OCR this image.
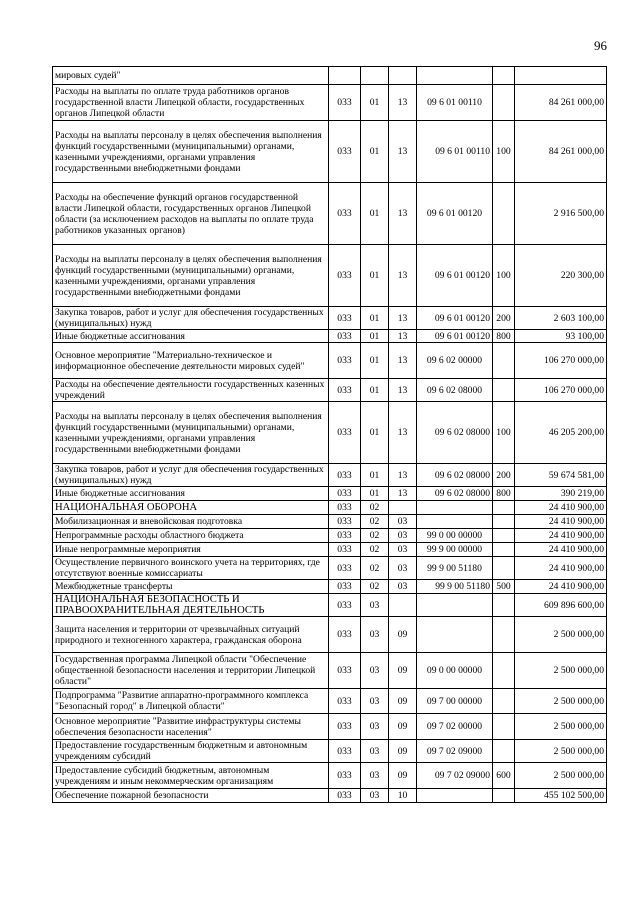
96
мировых судей"						
Расходы на выплаты по оплате труда работников органов государственной власти Липецкой области, государственных органов Липецкой области	033	01	13	09 6 01 00110		84 261 000,00
Расходы на выплаты персоналу в целях обеспечения выполнения функций государственными (муниципальными) органами, казенными учреждениями, органами управления государственными внебюджетными фондами	033	01	13	09 6 01 00110	100	84 261 000,00
Расходы на обеспечение функций органов государственной власти Липецкой области, государственных органов Липецкой области (за исключением расходов на выплаты по оплате труда работников указанных органов)	033	01	13	09 6 01 00120		2 916 500,00
Расходы на выплаты персоналу в целях обеспечения выполнения функций государственными (муниципальными) органами, казенными учреждениями, органами управления государственными внебюджетными фондами	033	01	13	09 6 01 00120	100	220 300,00
Закупка товаров, работ и услуг для обеспечения государственных (муниципальных) нужд	033	01	13	09 6 01 00120	200	2 603 100,00
Иные бюджетные ассигнования	033	01	13	09 6 01 00120	800	93 100,00
Основное мероприятие "Материально-техническое и информационное обеспечение деятельности мировых судей"	033	01	13	09 6 02 00000		106 270 000,00
Расходы на обеспечение деятельности государственных казенных учреждений	033	01	13	09 6 02 08000		106 270 000,00
Расходы на выплаты персоналу в целях обеспечения выполнения функций государственными (муниципальными) органами, казенными учреждениями, органами управления государственными внебюджетными фондами	033	01	13	09 6 02 08000	100	46 205 200,00
Закупка товаров, работ и услуг для обеспечения государственных (муниципальных) нужд	033	01	13	09 6 02 08000	200	59 674 581,00
Иные бюджетные ассигнования	033	01	13	09 6 02 08000	800	390 219,00
НАЦИОНАЛЬНАЯ ОБОРОНА	033	02				24 410 900,00
Мобилизационная и вневойсковая подготовка	033	02	03			24 410 900,00
Непрограммные расходы областного бюджета	033	02	03	99 0 00 00000		24 410 900,00
Иные непрограммные мероприятия	033	02	03	99 9 00 00000		24 410 900,00
Осуществление первичного воинского учета на территориях, где отсутствуют военные комиссариаты	033	02	03	99 9 00 51180		24 410 900,00
Межбюджетные трансферты	033	02	03	99 9 00 51180	500	24 410 900,00
НАЦИОНАЛЬНАЯ БЕЗОПАСНОСТЬ И ПРАВООХРАНИТЕЛЬНАЯ ДЕЯТЕЛЬНОСТЬ	033	03				609 896 600,00
Защита населения и территории от чрезвычайных ситуаций природного и техногенного характера, гражданская оборона	033	03	09			2 500 000,00
Государственная программа Липецкой области "Обеспечение общественной безопасности населения и территории Липецкой области"	033	03	09	09 0 00 00000		2 500 000,00
Подпрограмма "Развитие аппаратно-программного комплекса "Безопасный город" в Липецкой области"	033	03	09	09 7 00 00000		2 500 000,00
Основное мероприятие "Развитие инфраструктуры системы обеспечения безопасности населения"	033	03	09	09 7 02 00000		2 500 000,00
Предоставление государственным бюджетным и автономным учреждениям субсидий	033	03	09	09 7 02 09000		2 500 000,00
Предоставление субсидий бюджетным, автономным учреждениям и иным некоммерческим организациям	033	03	09	09 7 02 09000	600	2 500 000,00
Обеспечение пожарной безопасности	033	03	10			455 102 500,00
